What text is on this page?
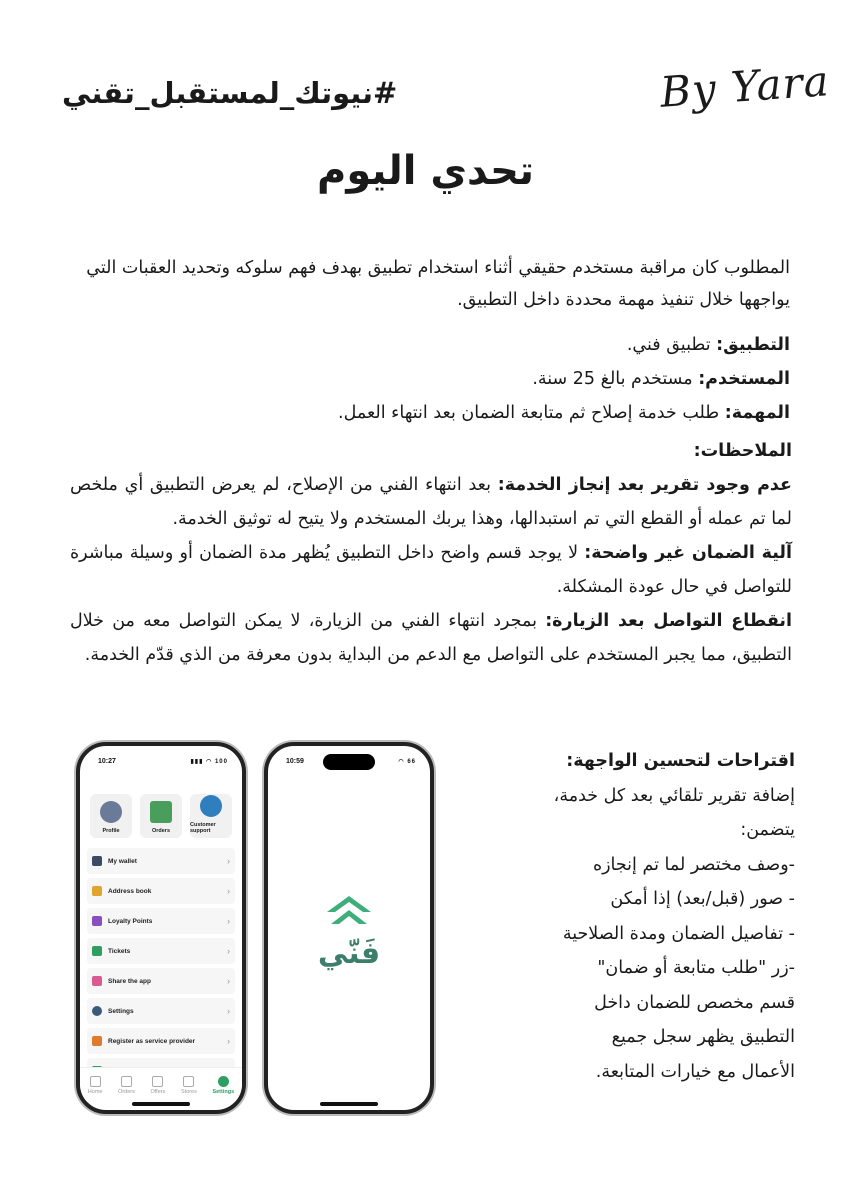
#نيوتك_لمستقبل_تقني	By Yara
تحدي اليوم
المطلوب كان مراقبة مستخدم حقيقي أثناء استخدام تطبيق بهدف فهم سلوكه وتحديد العقبات التي يواجهها خلال تنفيذ مهمة محددة داخل التطبيق.
التطبيق: تطبيق فني.
المستخدم: مستخدم بالغ 25 سنة.
المهمة: طلب خدمة إصلاح ثم متابعة الضمان بعد انتهاء العمل.
الملاحظات:

عدم وجود تقرير بعد إنجاز الخدمة: بعد انتهاء الفني من الإصلاح، لم يعرض التطبيق أي ملخص لما تم عمله أو القطع التي تم استبدالها، وهذا يربك المستخدم ولا يتيح له توثيق الخدمة.

آلية الضمان غير واضحة: لا يوجد قسم واضح داخل التطبيق يُظهر مدة الضمان أو وسيلة مباشرة للتواصل في حال عودة المشكلة.

انقطاع التواصل بعد الزيارة: بمجرد انتهاء الفني من الزيارة، لا يمكن التواصل معه من خلال التطبيق، مما يجبر المستخدم على التواصل مع الدعم من البداية بدون معرفة من الذي قدّم الخدمة.

اقتراحات لتحسين الواجهة:
إضافة تقرير تلقائي بعد كل خدمة،
يتضمن:
-وصف مختصر لما تم إنجازه
- صور (قبل/بعد) إذا أمكن
- تفاصيل الضمان ومدة الصلاحية
-زر "طلب متابعة أو ضمان"
قسم مخصص للضمان داخل
التطبيق يظهر سجل جميع
الأعمال مع خيارات المتابعة.
10:27	▮▮▮ ◠ 100
Profile	Orders
Customer support
My wallet	›
Address book	›
Loyalty Points	›
Tickets	›
Share the app	›
Settings	›
Register as service provider	›
Home	Orders	Offers	Stores	Settings
10:59	◠ 66
فَنّي
